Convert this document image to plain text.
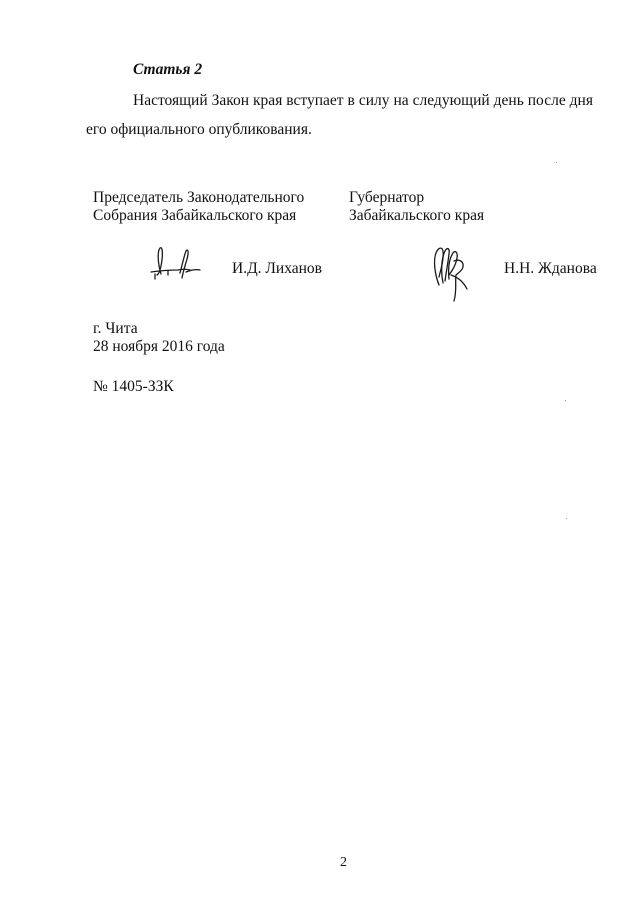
Статья 2
Настоящий Закон края вступает в силу на следующий день после дня его официального опубликования.
Председатель Законодательного
Собрания Забайкальского края
Губернатор
Забайкальского края
И.Д. Лиханов	Н.Н. Жданова
г. Чита
28 ноября 2016 года
№ 1405-ЗЗК
2
